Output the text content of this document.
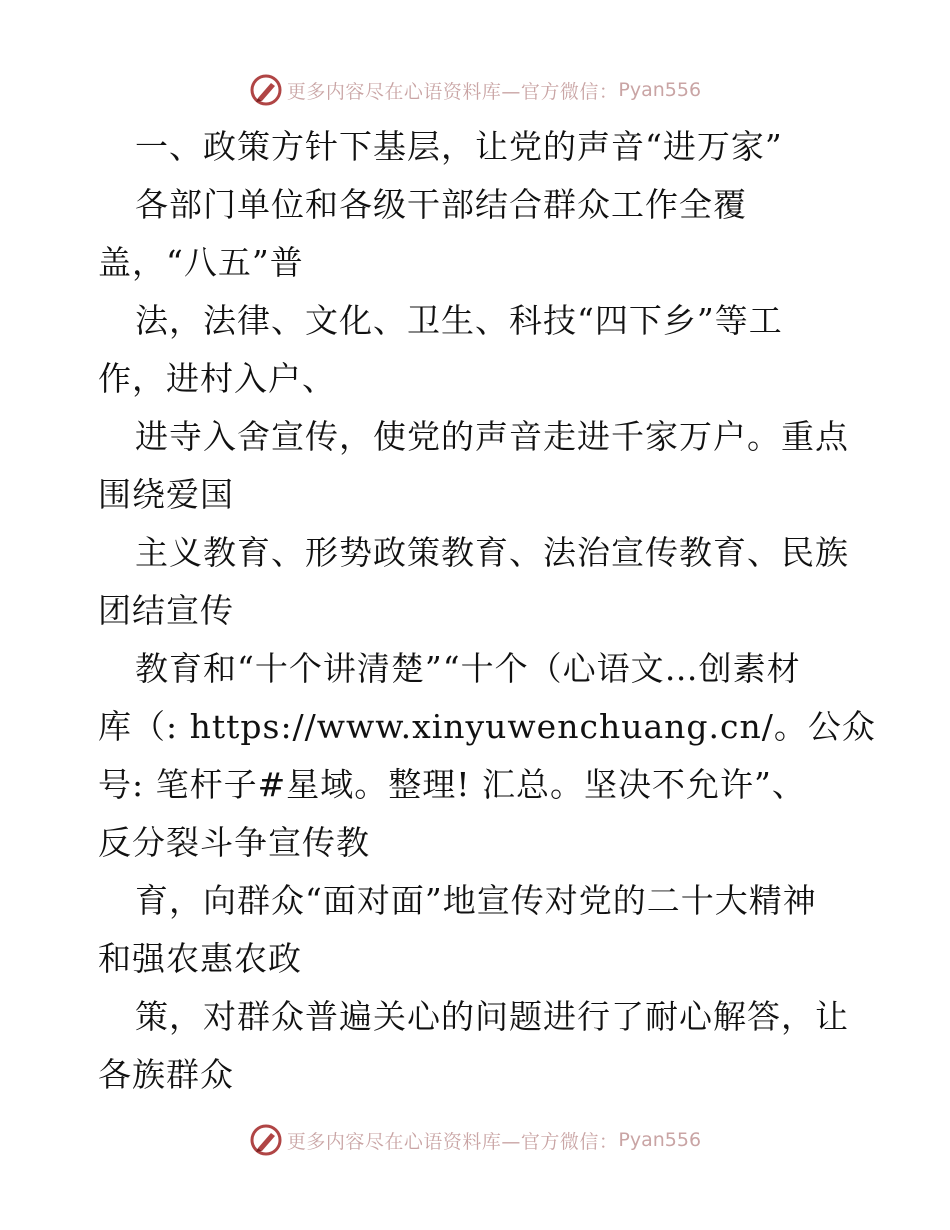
更多内容尽在心语资料库—官方微信： Pyan556
一、政策方针下基层，让党的声音“进万家”
各部门单位和各级干部结合群众工作全覆
盖，“八五”普
法，法律、文化、卫生、科技“四下乡”等工
作，进村入户、
进寺入舍宣传，使党的声音走进千家万户。重点
围绕爱国
主义教育、形势政策教育、法治宣传教育、民族
团结宣传
教育和“十个讲清楚”“十个（心语文…创素材
库（: https://www.xinyuwenchuang.cn/。公众
号: 笔杆子#星域。整理! 汇总。坚决不允许”、
反分裂斗争宣传教
育，向群众“面对面”地宣传对党的二十大精神
和强农惠农政
策，对群众普遍关心的问题进行了耐心解答，让
各族群众
更多内容尽在心语资料库—官方微信： Pyan556
